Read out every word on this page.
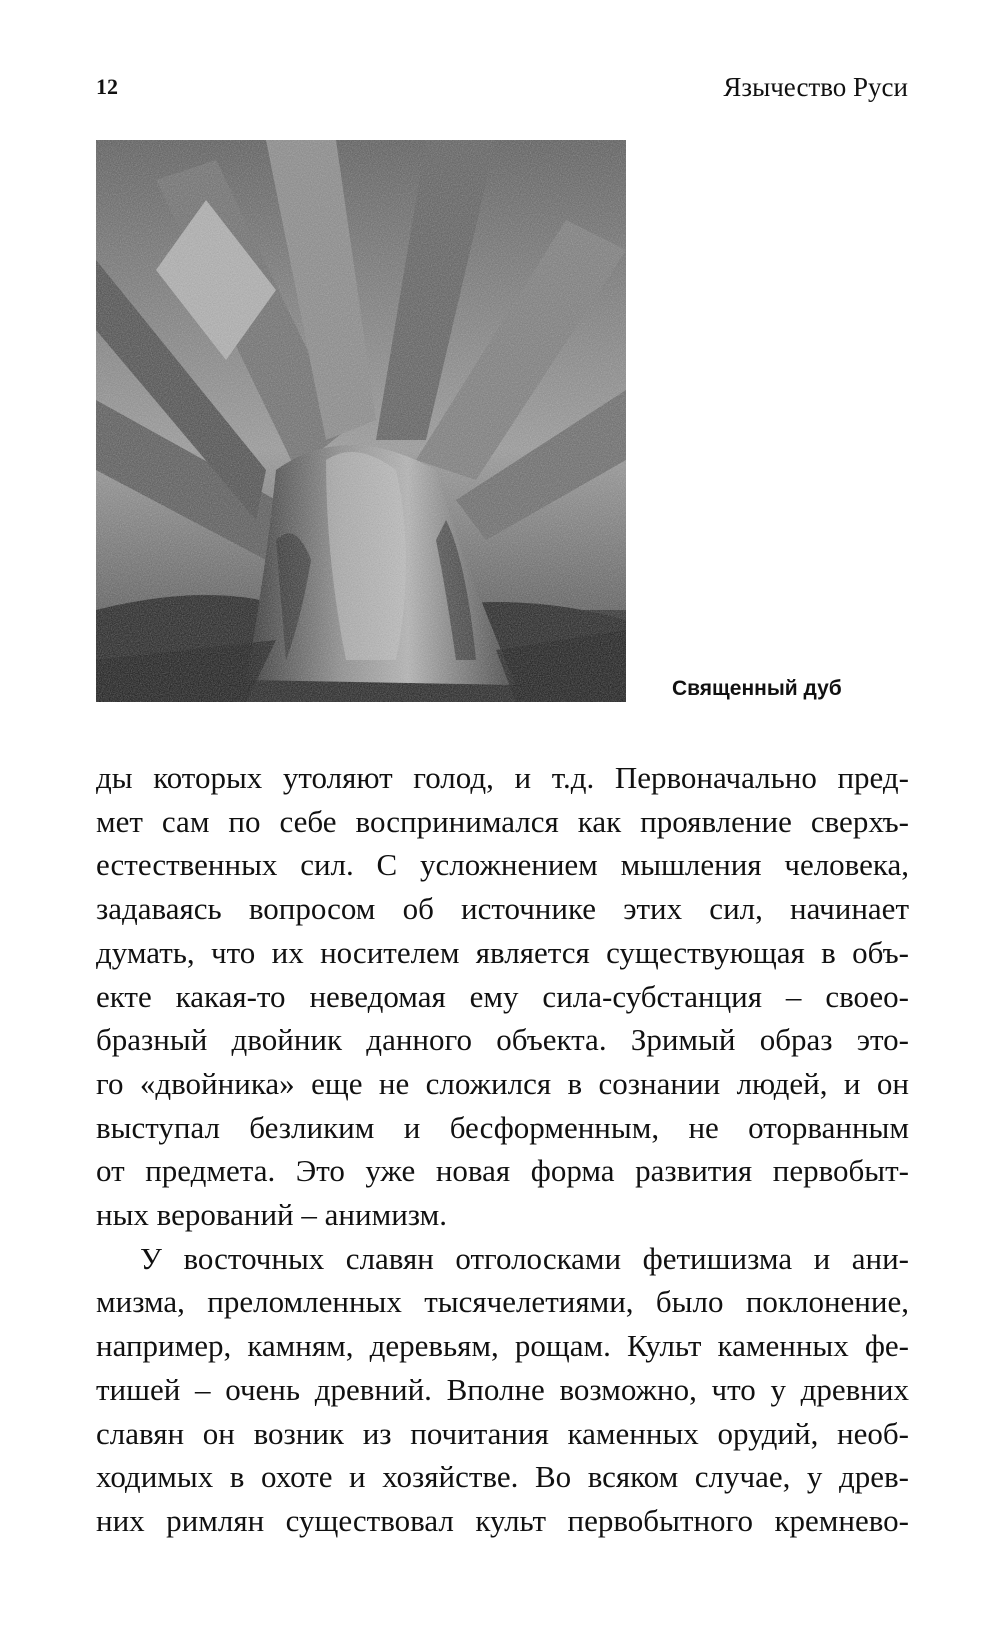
12	Язычество Руси
Священный дуб
ды которых утоляют голод, и т.д. Первоначально пред-
мет сам по себе воспринимался как проявление сверхъ-
естественных сил. С усложнением мышления человека,
задаваясь вопросом об источнике этих сил, начинает
думать, что их носителем является существующая в объ-
екте какая-то неведомая ему сила-субстанция – своео-
бразный двойник данного объекта. Зримый образ это-
го «двойника» еще не сложился в сознании людей, и он
выступал безликим и бесформенным, не оторванным
от предмета. Это уже новая форма развития первобыт-
ных верований – анимизм.
У восточных славян отголосками фетишизма и ани-
мизма, преломленных тысячелетиями, было поклонение,
например, камням, деревьям, рощам. Культ каменных фе-
тишей – очень древний. Вполне возможно, что у древних
славян он возник из почитания каменных орудий, необ-
ходимых в охоте и хозяйстве. Во всяком случае, у древ-
них римлян существовал культ первобытного кремнево-
